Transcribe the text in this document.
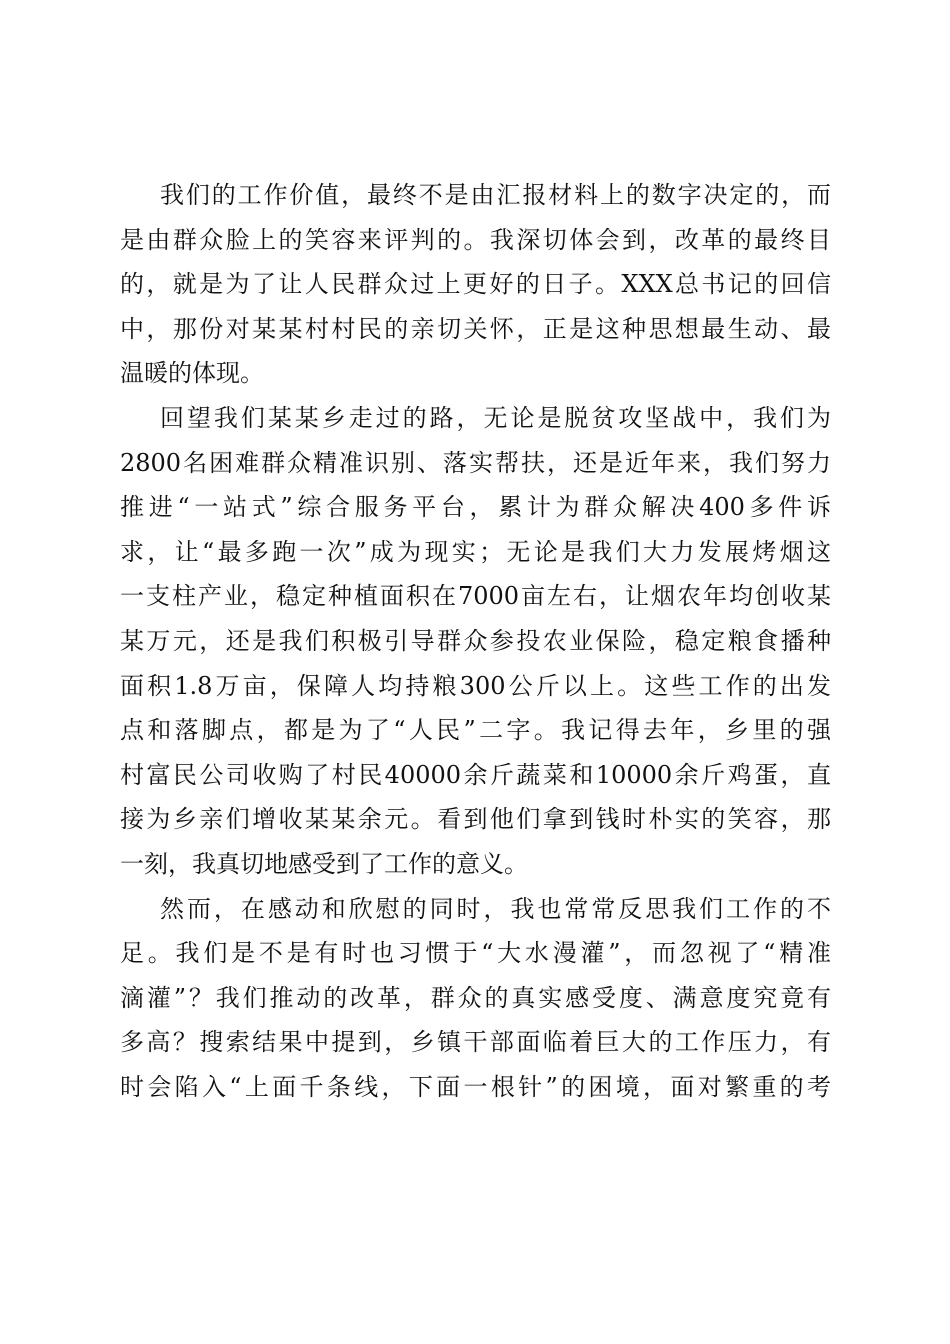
我们的工作价值，最终不是由汇报材料上的数字决定的，而
是由群众脸上的笑容来评判的。我深切体会到，改革的最终目
的，就是为了让人民群众过上更好的日子。XXX总书记的回信
中，那份对某某村村民的亲切关怀，正是这种思想最生动、最
温暖的体现。
回望我们某某乡走过的路，无论是脱贫攻坚战中，我们为
2800名困难群众精准识别、落实帮扶，还是近年来，我们努力
推进“一站式”综合服务平台，累计为群众解决400多件诉
求，让“最多跑一次”成为现实；无论是我们大力发展烤烟这
一支柱产业，稳定种植面积在7000亩左右，让烟农年均创收某
某万元，还是我们积极引导群众参投农业保险，稳定粮食播种
面积1.8万亩，保障人均持粮300公斤以上。这些工作的出发
点和落脚点，都是为了“人民”二字。我记得去年，乡里的强
村富民公司收购了村民40000余斤蔬菜和10000余斤鸡蛋，直
接为乡亲们增收某某余元。看到他们拿到钱时朴实的笑容，那
一刻，我真切地感受到了工作的意义。
然而，在感动和欣慰的同时，我也常常反思我们工作的不
足。我们是不是有时也习惯于“大水漫灌”，而忽视了“精准
滴灌”？我们推动的改革，群众的真实感受度、满意度究竟有
多高？搜索结果中提到，乡镇干部面临着巨大的工作压力，有
时会陷入“上面千条线，下面一根针”的困境，面对繁重的考
